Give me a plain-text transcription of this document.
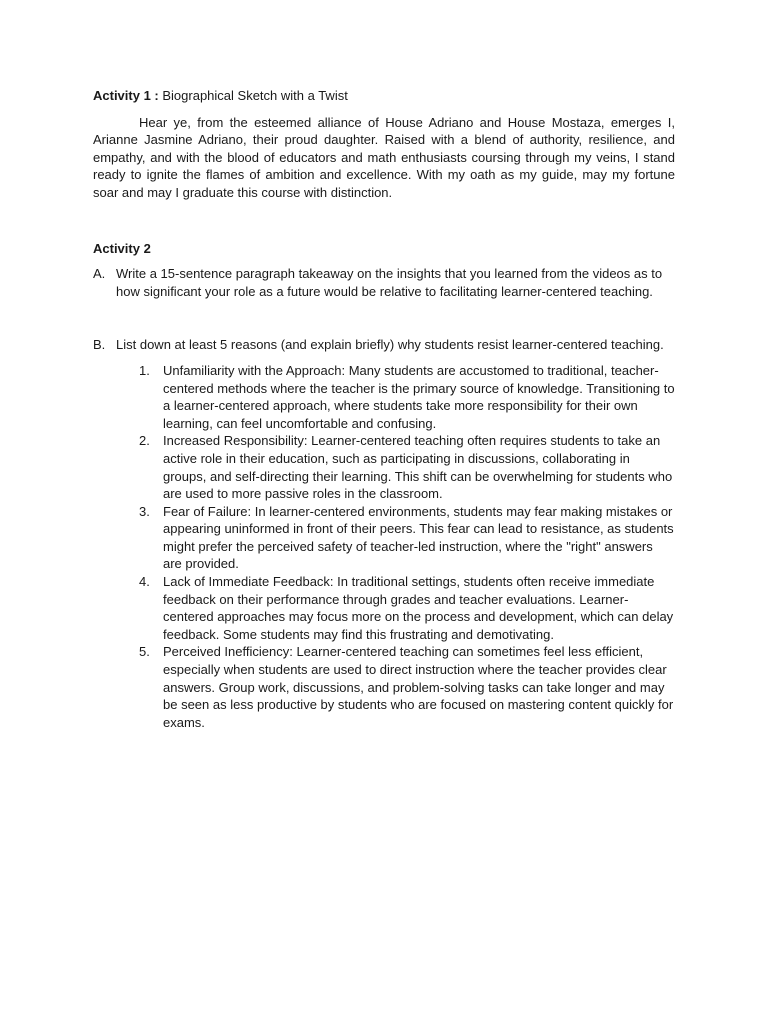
Activity 1 : Biographical Sketch with a Twist

Hear ye, from the esteemed alliance of House Adriano and House Mostaza, emerges I, Arianne Jasmine Adriano, their proud daughter. Raised with a blend of authority, resilience, and empathy, and with the blood of educators and math enthusiasts coursing through my veins, I stand ready to ignite the flames of ambition and excellence. With my oath as my guide, may my fortune soar and may I graduate this course with distinction.

Activity 2
A. Write a 15-sentence paragraph takeaway on the insights that you learned from the videos as to how significant your role as a future would be relative to facilitating learner-centered teaching.
B. List down at least 5 reasons (and explain briefly) why students resist learner-centered teaching.
1.	Unfamiliarity with the Approach: Many students are accustomed to traditional, teacher-centered methods where the teacher is the primary source of knowledge. Transitioning to a learner-centered approach, where students take more responsibility for their own learning, can feel uncomfortable and confusing.
2.	Increased Responsibility: Learner-centered teaching often requires students to take an active role in their education, such as participating in discussions, collaborating in groups, and self-directing their learning. This shift can be overwhelming for students who are used to more passive roles in the classroom.
3.	Fear of Failure: In learner-centered environments, students may fear making mistakes or appearing uninformed in front of their peers. This fear can lead to resistance, as students might prefer the perceived safety of teacher-led instruction, where the "right" answers are provided.
4.	Lack of Immediate Feedback: In traditional settings, students often receive immediate feedback on their performance through grades and teacher evaluations. Learner-centered approaches may focus more on the process and development, which can delay feedback. Some students may find this frustrating and demotivating.
5.	Perceived Inefficiency: Learner-centered teaching can sometimes feel less efficient, especially when students are used to direct instruction where the teacher provides clear answers. Group work, discussions, and problem-solving tasks can take longer and may be seen as less productive by students who are focused on mastering content quickly for exams.
